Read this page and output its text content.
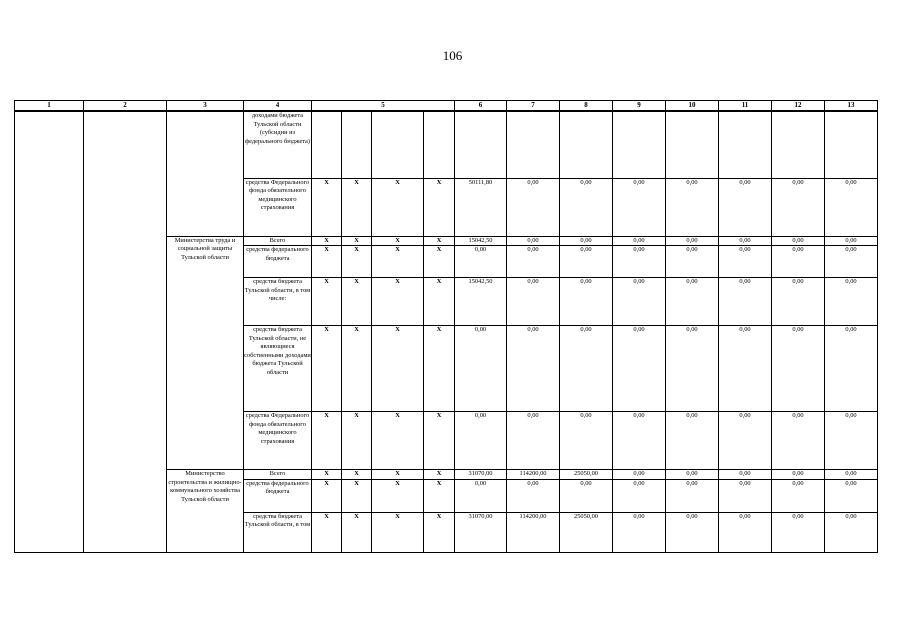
106
1	2	3	4	5				6	7	8	9	10	11	12	13
			доходами бюджета Тульской области (субсидии из федерального бюджета)												
			средства Федерального фонда обязательного медицинского страхования	X	X	X	X	50111,80	0,00	0,00	0,00	0,00	0,00	0,00	0,00
		Министерства труда и социальной защиты Тульской области	Всего	X	X	X	X	15042,50	0,00	0,00	0,00	0,00	0,00	0,00	0,00
			средства федерального бюджета	X	X	X	X	0,00	0,00	0,00	0,00	0,00	0,00	0,00	0,00
			средства бюджета Тульской области, в том числе:	X	X	X	X	15042,50	0,00	0,00	0,00	0,00	0,00	0,00	0,00
			средства бюджета Тульской области, не являющиеся собственными доходами бюджета Тульской области	X	X	X	X	0,00	0,00	0,00	0,00	0,00	0,00	0,00	0,00
			средства Федерального фонда обязательного медицинского страхования	X	X	X	X	0,00	0,00	0,00	0,00	0,00	0,00	0,00	0,00
		Министерство строительства и жилищно-коммунального хозяйства Тульской области	Всего	X	X	X	X	31070,00	114200,00	25050,00	0,00	0,00	0,00	0,00	0,00
			средства федерального бюджета	X	X	X	X	0,00	0,00	0,00	0,00	0,00	0,00	0,00	0,00
			средства бюджета Тульской области, в том	X	X	X	X	31070,00	114200,00	25050,00	0,00	0,00	0,00	0,00	0,00
